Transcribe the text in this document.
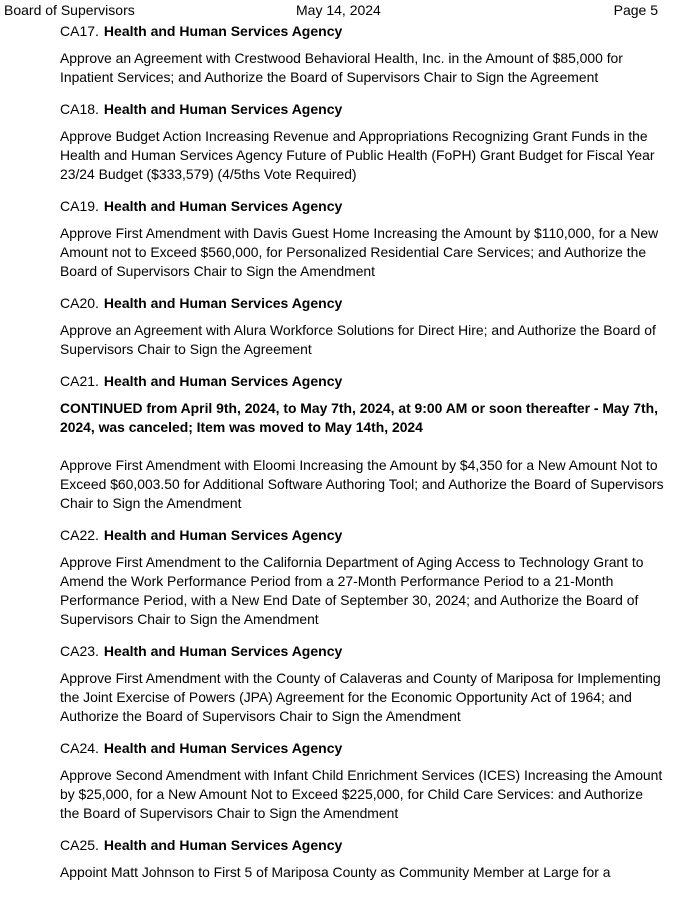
Board of Supervisors	May 14, 2024	Page 5
CA17. Health and Human Services Agency

Approve an Agreement with Crestwood Behavioral Health, Inc. in the Amount of $85,000 for Inpatient Services; and Authorize the Board of Supervisors Chair to Sign the Agreement

CA18. Health and Human Services Agency

Approve Budget Action Increasing Revenue and Appropriations Recognizing Grant Funds in the Health and Human Services Agency Future of Public Health (FoPH) Grant Budget for Fiscal Year 23/24 Budget ($333,579) (4/5ths Vote Required)

CA19. Health and Human Services Agency

Approve First Amendment with Davis Guest Home Increasing the Amount by $110,000, for a New Amount not to Exceed $560,000, for Personalized Residential Care Services; and Authorize the Board of Supervisors Chair to Sign the Amendment

CA20. Health and Human Services Agency

Approve an Agreement with Alura Workforce Solutions for Direct Hire; and Authorize the Board of Supervisors Chair to Sign the Agreement

CA21. Health and Human Services Agency

CONTINUED from April 9th, 2024, to May 7th, 2024, at 9:00 AM or soon thereafter - May 7th, 2024, was canceled; Item was moved to May 14th, 2024

Approve First Amendment with Eloomi Increasing the Amount by $4,350 for a New Amount Not to Exceed $60,003.50 for Additional Software Authoring Tool; and Authorize the Board of Supervisors Chair to Sign the Amendment

CA22. Health and Human Services Agency

Approve First Amendment to the California Department of Aging Access to Technology Grant to Amend the Work Performance Period from a 27-Month Performance Period to a 21-Month Performance Period, with a New End Date of September 30, 2024; and Authorize the Board of Supervisors Chair to Sign the Amendment

CA23. Health and Human Services Agency

Approve First Amendment with the County of Calaveras and County of Mariposa for Implementing the Joint Exercise of Powers (JPA) Agreement for the Economic Opportunity Act of 1964; and Authorize the Board of Supervisors Chair to Sign the Amendment

CA24. Health and Human Services Agency

Approve Second Amendment with Infant Child Enrichment Services (ICES) Increasing the Amount by $25,000, for a New Amount Not to Exceed $225,000, for Child Care Services: and Authorize the Board of Supervisors Chair to Sign the Amendment

CA25. Health and Human Services Agency

Appoint Matt Johnson to First 5 of Mariposa County as Community Member at Large for a
